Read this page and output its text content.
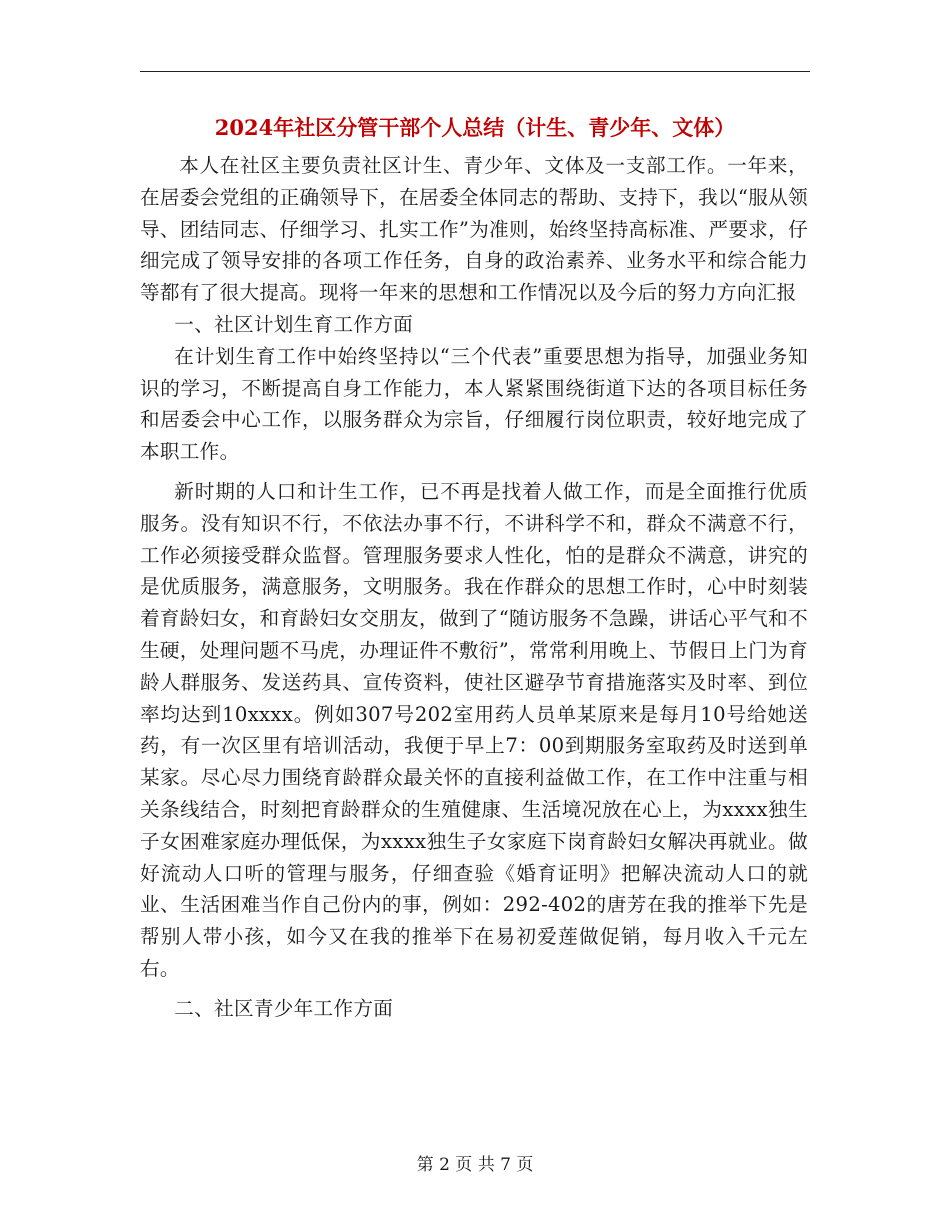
2024年社区分管干部个人总结（计生、青少年、文体）

本人在社区主要负责社区计生、青少年、文体及一支部工作。一年来，在居委会党组的正确领导下，在居委全体同志的帮助、支持下，我以“服从领导、团结同志、仔细学习、扎实工作”为准则，始终坚持高标准、严要求，仔细完成了领导安排的各项工作任务，自身的政治素养、业务水平和综合能力等都有了很大提高。现将一年来的思想和工作情况以及今后的努力方向汇报

一、社区计划生育工作方面

在计划生育工作中始终坚持以“三个代表”重要思想为指导，加强业务知识的学习，不断提高自身工作能力，本人紧紧围绕街道下达的各项目标任务和居委会中心工作，以服务群众为宗旨，仔细履行岗位职责，较好地完成了本职工作。

新时期的人口和计生工作，已不再是找着人做工作，而是全面推行优质服务。没有知识不行，不依法办事不行，不讲科学不和，群众不满意不行，工作必须接受群众监督。管理服务要求人性化，怕的是群众不满意，讲究的是优质服务，满意服务，文明服务。我在作群众的思想工作时，心中时刻装着育龄妇女，和育龄妇女交朋友，做到了“随访服务不急躁，讲话心平气和不生硬，处理问题不马虎，办理证件不敷衍”，常常利用晚上、节假日上门为育龄人群服务、发送药具、宣传资料，使社区避孕节育措施落实及时率、到位率均达到10xxxx。例如307号202室用药人员单某原来是每月10号给她送药，有一次区里有培训活动，我便于早上7：00到期服务室取药及时送到单某家。尽心尽力围绕育龄群众最关怀的直接利益做工作，在工作中注重与相关条线结合，时刻把育龄群众的生殖健康、生活境况放在心上，为xxxx独生子女困难家庭办理低保，为xxxx独生子女家庭下岗育龄妇女解决再就业。做好流动人口听的管理与服务，仔细查验《婚育证明》把解决流动人口的就业、生活困难当作自己份内的事，例如：292-402的唐芳在我的推举下先是帮别人带小孩，如今又在我的推举下在易初爱莲做促销，每月收入千元左右。

二、社区青少年工作方面

第 2 页 共 7 页
